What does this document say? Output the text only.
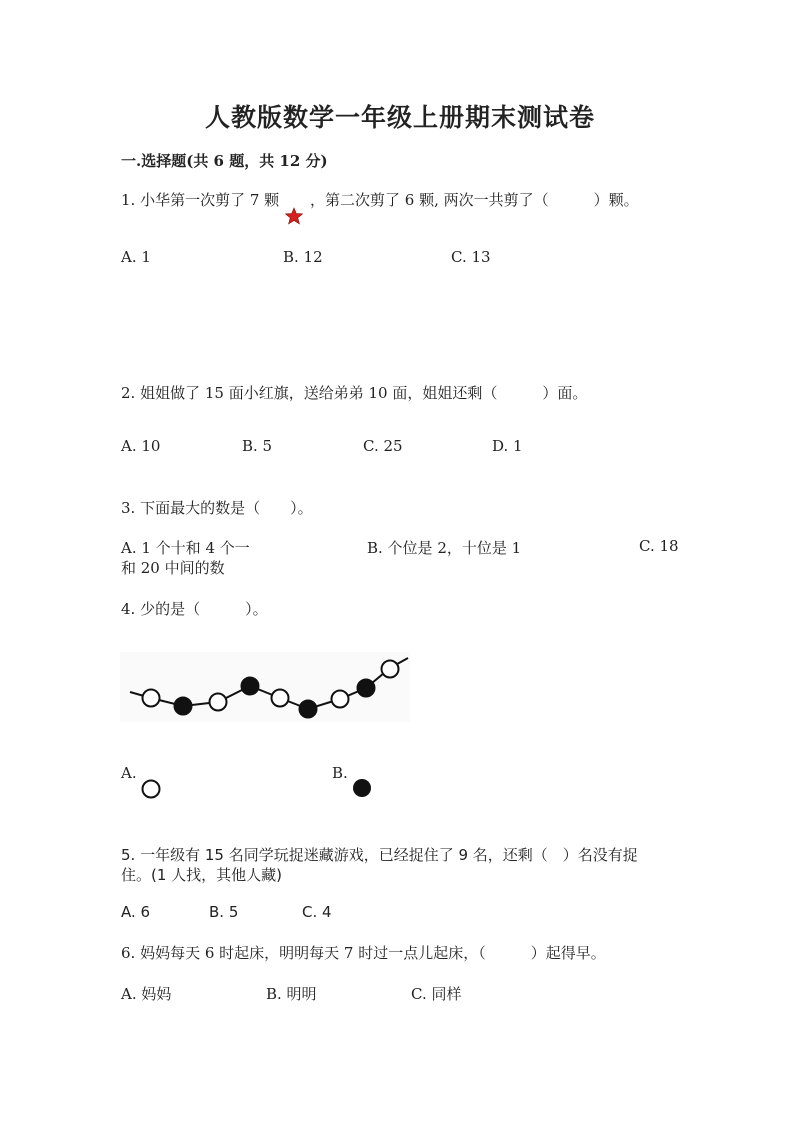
人教版数学一年级上册期末测试卷
一.选择题(共 6 题，共 12 分)
1. 小华第一次剪了 7 颗 ，第二次剪了 6 颗, 两次一共剪了（　　　）颗。
A. 1	B. 12	C. 13
2. 姐姐做了 15 面小红旗，送给弟弟 10 面，姐姐还剩（　　　）面。
A. 10	B. 5	C. 25	D. 1
3. 下面最大的数是（　　）。
A. 1 个十和 4 个一	B. 个位是 2，十位是 1	C. 18
和 20 中间的数
4. 少的是（　　　）。
A.	B.
5. 一年级有 15 名同学玩捉迷藏游戏，已经捉住了 9 名，还剩（　）名没有捉
住。(1 人找，其他人藏)
A. 6	B. 5	C. 4
6. 妈妈每天 6 时起床，明明每天 7 时过一点儿起床，（　　　）起得早。
A. 妈妈	B. 明明	C. 同样
